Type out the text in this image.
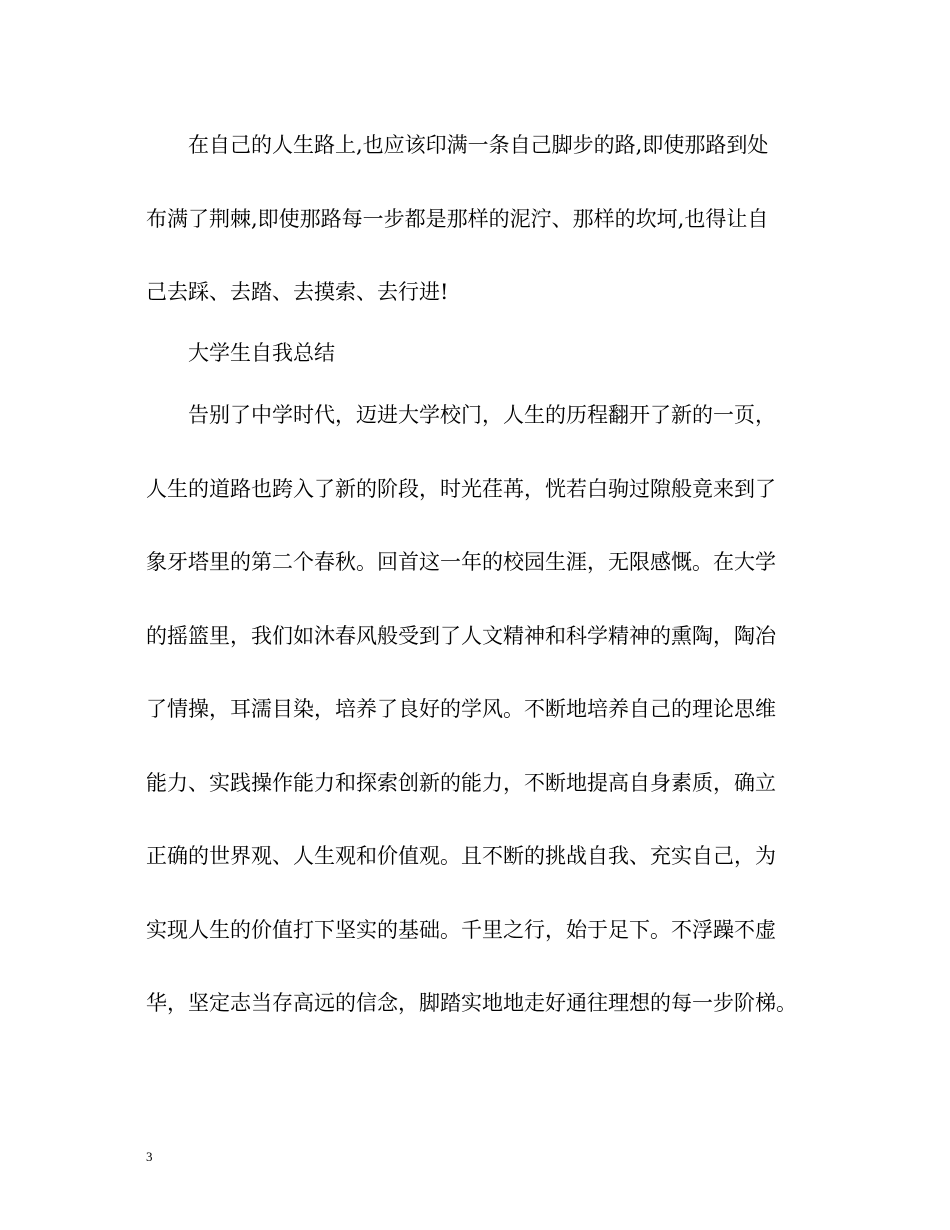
在自己的人生路上,也应该印满一条自己脚步的路,即使那路到处
布满了荆棘,即使那路每一步都是那样的泥泞、那样的坎坷,也得让自
己去踩、去踏、去摸索、去行进!
大学生自我总结
告别了中学时代，迈进大学校门，人生的历程翻开了新的一页，
人生的道路也跨入了新的阶段，时光荏苒，恍若白驹过隙般竟来到了
象牙塔里的第二个春秋。回首这一年的校园生涯，无限感慨。在大学
的摇篮里，我们如沐春风般受到了人文精神和科学精神的熏陶，陶冶
了情操，耳濡目染，培养了良好的学风。不断地培养自己的理论思维
能力、实践操作能力和探索创新的能力，不断地提高自身素质，确立
正确的世界观、人生观和价值观。且不断的挑战自我、充实自己，为
实现人生的价值打下坚实的基础。千里之行，始于足下。不浮躁不虚
华，坚定志当存高远的信念，脚踏实地地走好通往理想的每一步阶梯。
3
